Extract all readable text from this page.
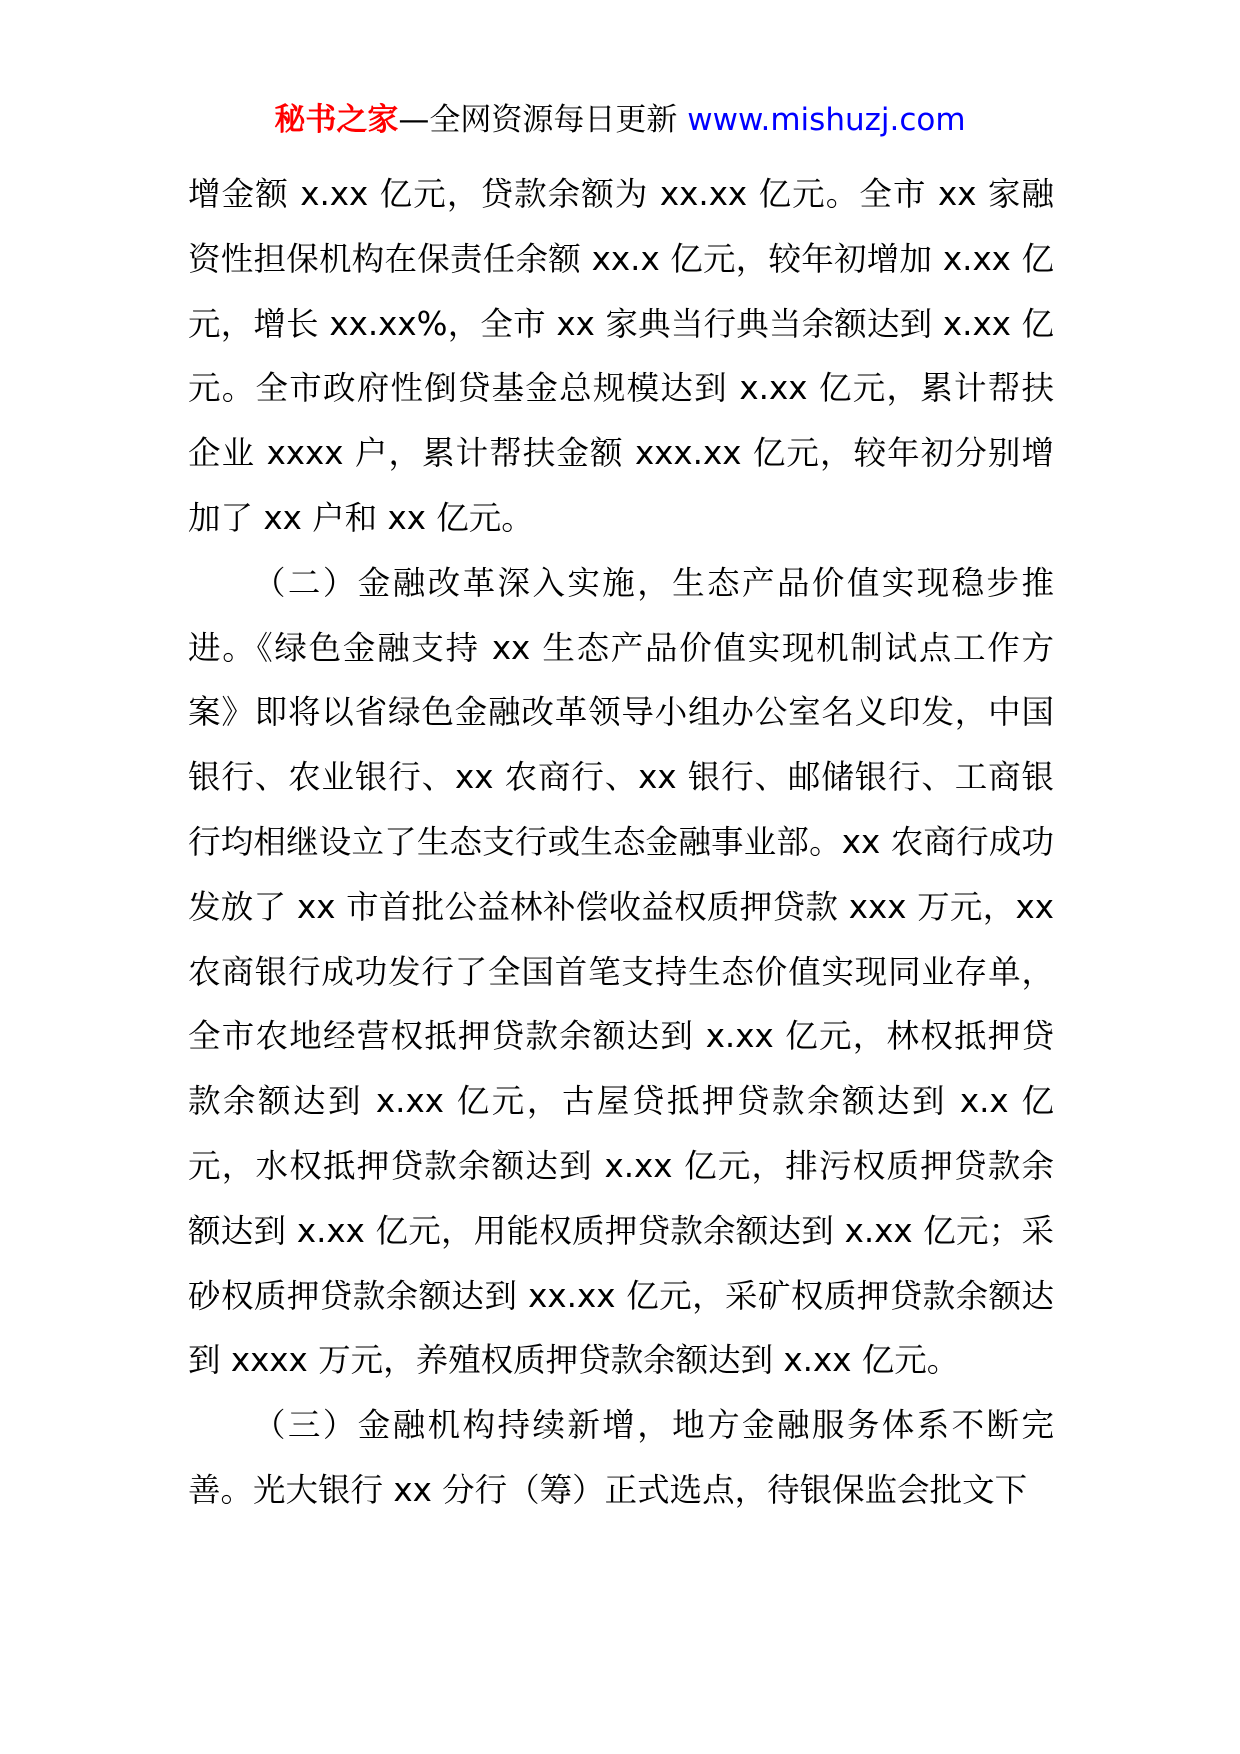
秘书之家—全网资源每日更新 www.mishuzj.com

增金额 x.xx 亿元，贷款余额为 xx.xx 亿元。全市 xx 家融资性担保机构在保责任余额 xx.x 亿元，较年初增加 x.xx 亿元，增长 xx.xx%，全市 xx 家典当行典当余额达到 x.xx 亿元。全市政府性倒贷基金总规模达到 x.xx 亿元，累计帮扶企业 xxxx 户，累计帮扶金额 xxx.xx 亿元，较年初分别增加了 xx 户和 xx 亿元。

（二）金融改革深入实施，生态产品价值实现稳步推进。《绿色金融支持 xx 生态产品价值实现机制试点工作方案》即将以省绿色金融改革领导小组办公室名义印发，中国银行、农业银行、xx 农商行、xx 银行、邮储银行、工商银行均相继设立了生态支行或生态金融事业部。xx 农商行成功发放了 xx 市首批公益林补偿收益权质押贷款 xxx 万元，xx 农商银行成功发行了全国首笔支持生态价值实现同业存单，全市农地经营权抵押贷款余额达到 x.xx 亿元，林权抵押贷款余额达到 x.xx 亿元，古屋贷抵押贷款余额达到 x.x 亿元，水权抵押贷款余额达到 x.xx 亿元，排污权质押贷款余额达到 x.xx 亿元，用能权质押贷款余额达到 x.xx 亿元；采砂权质押贷款余额达到 xx.xx 亿元，采矿权质押贷款余额达到 xxxx 万元，养殖权质押贷款余额达到 x.xx 亿元。

（三）金融机构持续新增，地方金融服务体系不断完善。光大银行 xx 分行（筹）正式选点，待银保监会批文下
